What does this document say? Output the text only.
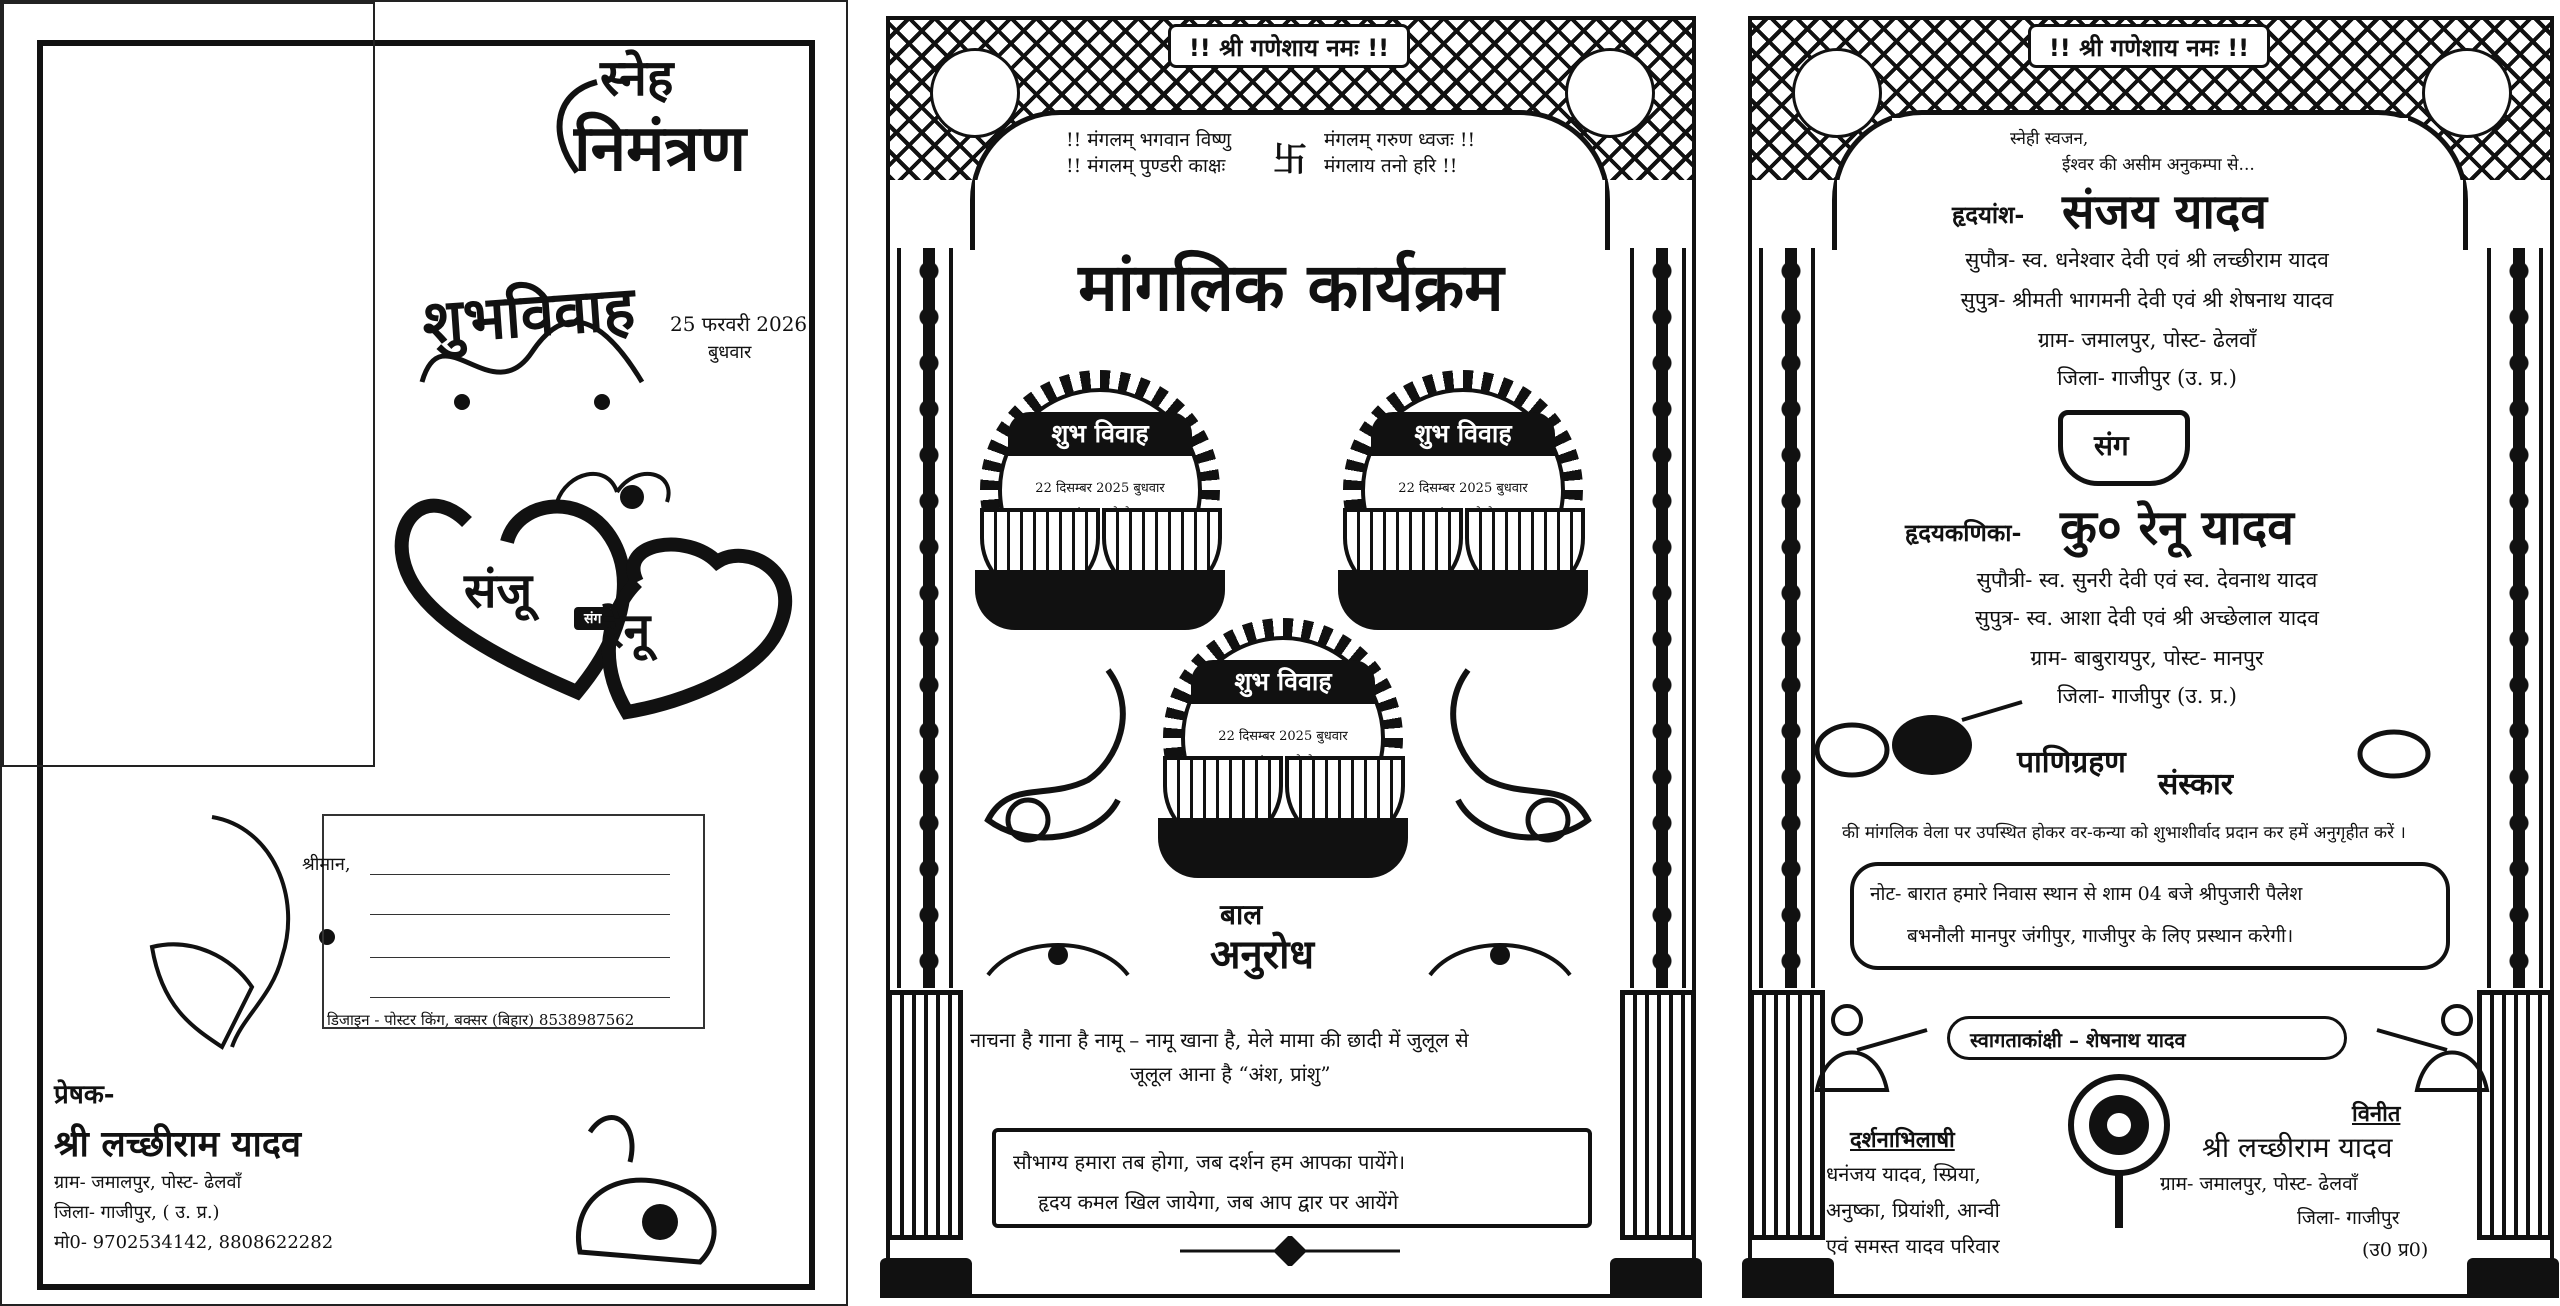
स्नेह
निमंत्रण
शुभविवाह 25 फरवरी 2026
बुधवार
संजू	संग रेनू
श्रीमान,
डिजाइन - पोस्टर किंग, बक्सर (बिहार) 8538987562
प्रेषक-
श्री लच्छीराम यादव
ग्राम- जमालपुर, पोस्ट- ढेलवाँ
जिला- गाजीपुर, ( उ. प्र.)
मो0- 9702534142, 8808622282
!! श्री गणेशाय नमः !!
!! मंगलम् भगवान विष्णु
!! मंगलम् पुण्डरी काक्षः 卐 मंगलम् गरुण ध्वजः !!
मंगलाय तनो हरि !!
मांगलिक कार्यक्रम
शुभ विवाह
22 दिसम्बर 2025 बुधवार
शुभ विवाह
22 दिसम्बर 2025 बुधवार
शुभ विवाह
22 दिसम्बर 2025 बुधवार
बाल
अनुरोध
नाचना है गाना है नामू – नामू खाना है, मेले मामा की छादी में जुलूल से
जूलूल आना है “अंश, प्रांशु”
सौभाग्य हमारा तब होगा, जब दर्शन हम आपका पायेंगे।
हृदय कमल खिल जायेगा, जब आप द्वार पर आयेंगे
!! श्री गणेशाय नमः !!
स्नेही स्वजन,
ईश्वर की असीम अनुकम्पा से...
हृदयांश- संजय यादव
सुपौत्र- स्व. धनेश्वार देवी एवं श्री लच्छीराम यादव
सुपुत्र- श्रीमती भागमनी देवी एवं श्री शेषनाथ यादव
ग्राम- जमालपुर, पोस्ट- ढेलवाँ
जिला- गाजीपुर (उ. प्र.)
संग
हृदयकणिका- कु० रेनू यादव
सुपौत्री- स्व. सुनरी देवी एवं स्व. देवनाथ यादव
सुपुत्र- स्व. आशा देवी एवं श्री अच्छेलाल यादव
ग्राम- बाबुरायपुर, पोस्ट- मानपुर
जिला- गाजीपुर (उ. प्र.)
पाणिग्रहण
संस्कार
की मांगलिक वेला पर उपस्थित होकर वर-कन्या को शुभाशीर्वाद प्रदान कर हमें अनुगृहीत करें ।
नोट- बारात हमारे निवास स्थान से शाम 04 बजे श्रीपुजारी पैलेश
बभनौली मानपुर जंगीपुर, गाजीपुर के लिए प्रस्थान करेगी।
स्वागताकांक्षी – शेषनाथ यादव
दर्शनाभिलाषी
धनंजय यादव, स्प्रिया,
अनुष्का, प्रियांशी, आन्वी
एवं समस्त यादव परिवार
विनीत
श्री लच्छीराम यादव
ग्राम- जमालपुर, पोस्ट- ढेलवाँ
जिला- गाजीपुर
(उ0 प्र0)
